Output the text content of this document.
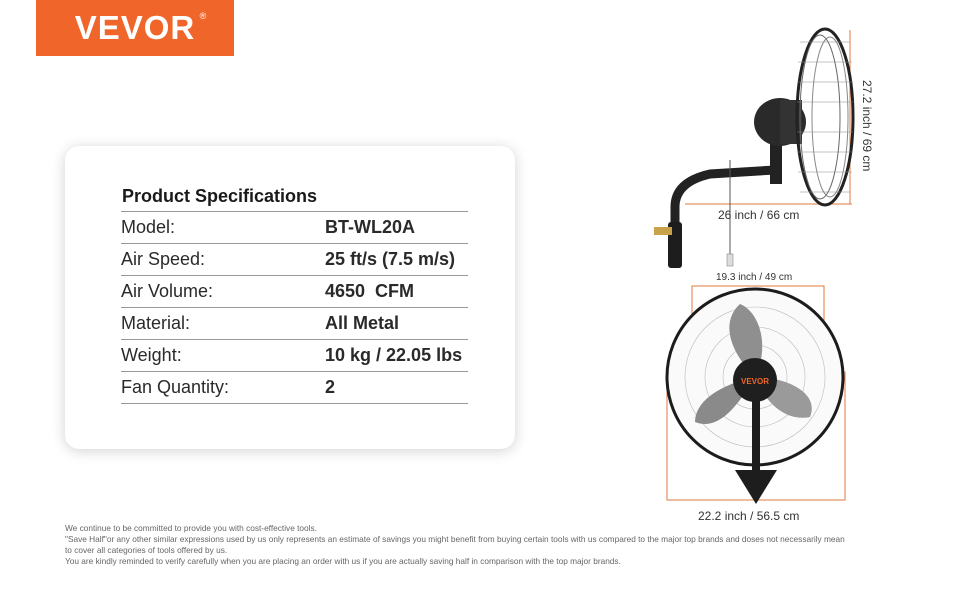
VEVOR ®
Product Specifications
Model:	BT-WL20A
Air Speed:	25 ft/s (7.5 m/s)
Air Volume:	4650  CFM
Material:	All Metal
Weight:	10 kg / 22.05 lbs
Fan Quantity:	2
27.2 inch / 69 cm
26 inch / 66 cm
19.3 inch / 49 cm
VEVOR
22.2 inch / 56.5 cm
We continue to be committed to provide you with cost-effective tools.
"Save Half"or any other similar expressions used by us only represents an estimate of savings you might benefit from buying certain tools with us compared to the major top brands and doses not necessarily mean
to cover all categories of tools offered by us.
You are kindly reminded to verify carefully when you are placing an order with us if you are actually saving half in comparison with the top major brands.
